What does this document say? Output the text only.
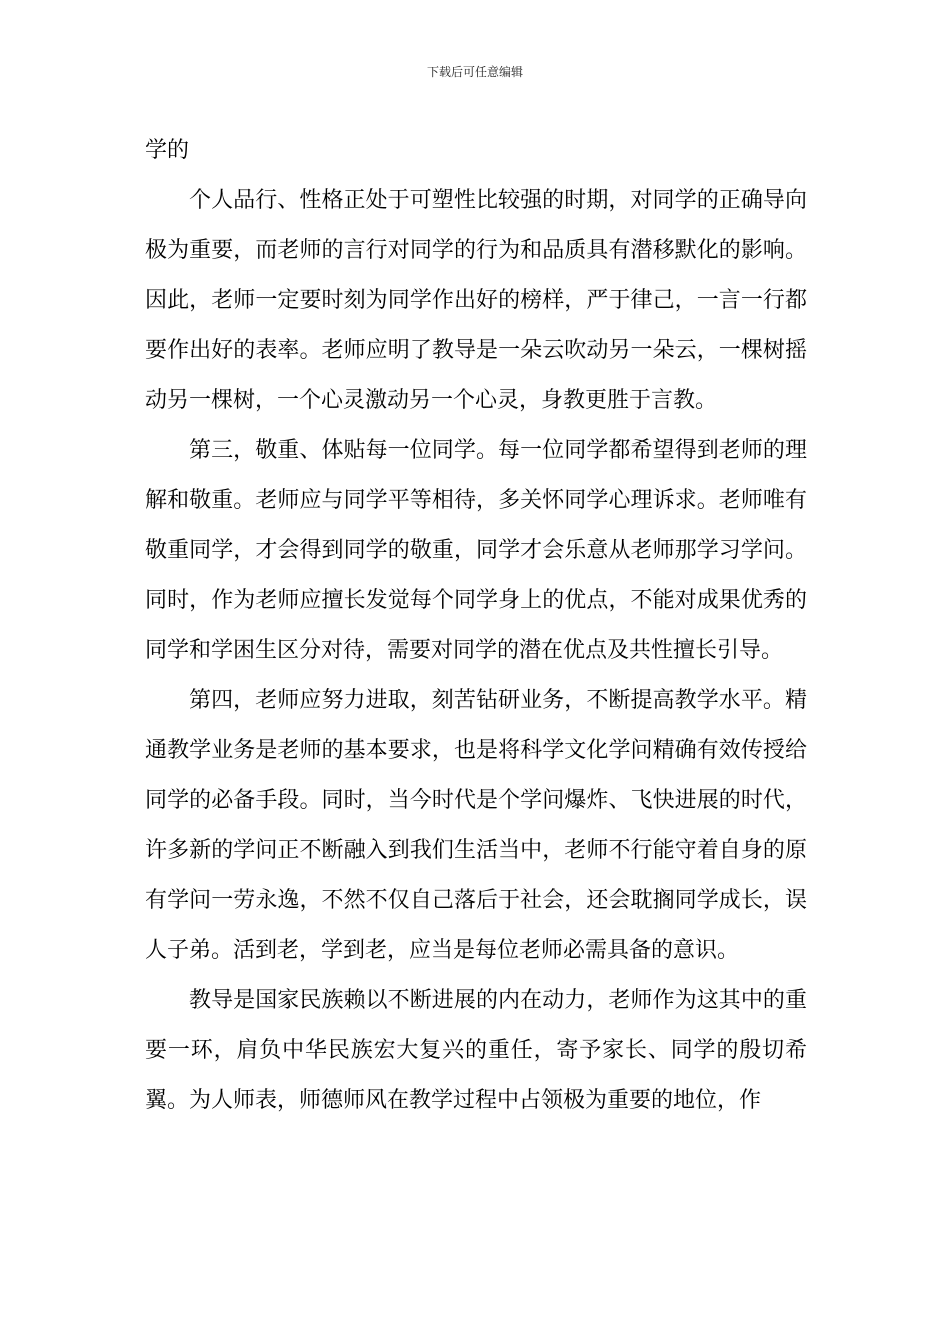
下载后可任意编辑

学的

个人品行、性格正处于可塑性比较强的时期，对同学的正确导向极为重要，而老师的言行对同学的行为和品质具有潜移默化的影响。因此，老师一定要时刻为同学作出好的榜样，严于律己，一言一行都要作出好的表率。老师应明了教导是一朵云吹动另一朵云，一棵树摇动另一棵树，一个心灵激动另一个心灵，身教更胜于言教。

第三，敬重、体贴每一位同学。每一位同学都希望得到老师的理解和敬重。老师应与同学平等相待，多关怀同学心理诉求。老师唯有敬重同学，才会得到同学的敬重，同学才会乐意从老师那学习学问。同时，作为老师应擅长发觉每个同学身上的优点，不能对成果优秀的同学和学困生区分对待，需要对同学的潜在优点及共性擅长引导。

第四，老师应努力进取，刻苦钻研业务，不断提高教学水平。精通教学业务是老师的基本要求，也是将科学文化学问精确有效传授给同学的必备手段。同时，当今时代是个学问爆炸、飞快进展的时代，许多新的学问正不断融入到我们生活当中，老师不行能守着自身的原有学问一劳永逸，不然不仅自己落后于社会，还会耽搁同学成长，误人子弟。活到老，学到老，应当是每位老师必需具备的意识。

教导是国家民族赖以不断进展的内在动力，老师作为这其中的重要一环，肩负中华民族宏大复兴的重任，寄予家长、同学的殷切希翼。为人师表，师德师风在教学过程中占领极为重要的地位，作
